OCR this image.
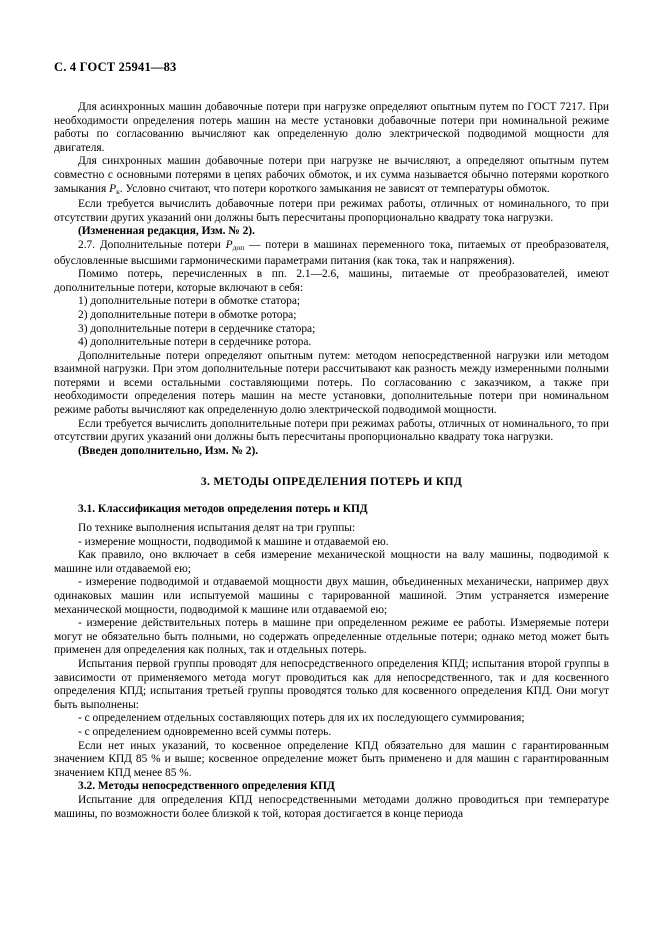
С. 4 ГОСТ 25941—83

Для асинхронных машин добавочные потери при нагрузке определяют опытным путем по ГОСТ 7217. При необходимости определения потерь машин на месте установки добавочные потери при номинальной режиме работы по согласованию вычисляют как определенную долю электрической подводимой мощности для двигателя.

Для синхронных машин добавочные потери при нагрузке не вычисляют, а определяют опытным путем совместно с основными потерями в цепях рабочих обмоток, и их сумма называется обычно потерями короткого замыкания $P_к$. Условно считают, что потери короткого замыкания не зависят от температуры обмоток.

Если требуется вычислить добавочные потери при режимах работы, отличных от номинального, то при отсутствии других указаний они должны быть пересчитаны пропорционально квадрату тока нагрузки.

(Измененная редакция, Изм. № 2).

2.7. Дополнительные потери $P_{доп}$ — потери в машинах переменного тока, питаемых от преобразователя, обусловленные высшими гармоническими параметрами питания (как тока, так и напряжения).

Помимо потерь, перечисленных в пп. 2.1—2.6, машины, питаемые от преобразователей, имеют дополнительные потери, которые включают в себя:

1) дополнительные потери в обмотке статора;

2) дополнительные потери в обмотке ротора;

3) дополнительные потери в сердечнике статора;

4) дополнительные потери в сердечнике ротора.

Дополнительные потери определяют опытным путем: методом непосредственной нагрузки или методом взаимной нагрузки. При этом дополнительные потери рассчитывают как разность между измеренными полными потерями и всеми остальными составляющими потерь. По согласованию с заказчиком, а также при необходимости определения потерь машин на месте установки, дополнительные потери при номинальном режиме работы вычисляют как определенную долю электрической подводимой мощности.

Если требуется вычислить дополнительные потери при режимах работы, отличных от номинального, то при отсутствии других указаний они должны быть пересчитаны пропорционально квадрату тока нагрузки.

(Введен дополнительно, Изм. № 2).

3. МЕТОДЫ ОПРЕДЕЛЕНИЯ ПОТЕРЬ И КПД

3.1. Классификация методов определения потерь и КПД

По технике выполнения испытания делят на три группы:

- измерение мощности, подводимой к машине и отдаваемой ею.

Как правило, оно включает в себя измерение механической мощности на валу машины, подводимой к машине или отдаваемой ею;

- измерение подводимой и отдаваемой мощности двух машин, объединенных механически, например двух одинаковых машин или испытуемой машины с тарированной машиной. Этим устраняется измерение механической мощности, подводимой к машине или отдаваемой ею;

- измерение действительных потерь в машине при определенном режиме ее работы. Измеряемые потери могут не обязательно быть полными, но содержать определенные отдельные потери; однако метод может быть применен для определения как полных, так и отдельных потерь.

Испытания первой группы проводят для непосредственного определения КПД; испытания второй группы в зависимости от применяемого метода могут проводиться как для непосредственного, так и для косвенного определения КПД; испытания третьей группы проводятся только для косвенного определения КПД. Они могут быть выполнены:

- с определением отдельных составляющих потерь для их их последующего суммирования;

- с определением одновременно всей суммы потерь.

Если нет иных указаний, то косвенное определение КПД обязательно для машин с гарантированным значением КПД 85 % и выше; косвенное определение может быть применено и для машин с гарантированным значением КПД менее 85 %.

3.2. Методы непосредственного определения КПД

Испытание для определения КПД непосредственными методами должно проводиться при температуре машины, по возможности более близкой к той, которая достигается в конце периода
